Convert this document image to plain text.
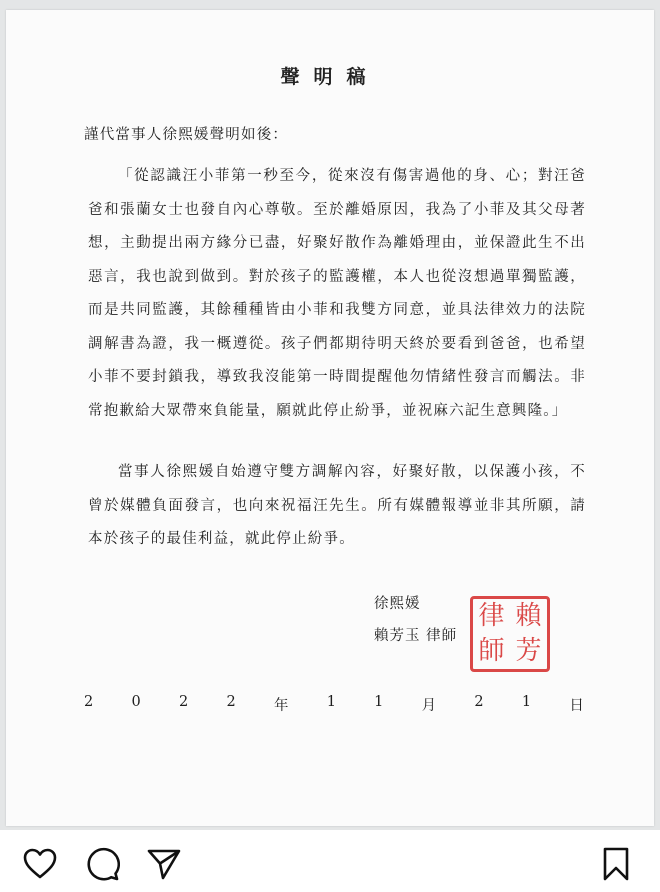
聲明稿
謹代當事人徐熙媛聲明如後：
「從認識汪小菲第一秒至今，從來沒有傷害過他的身、心；對汪爸爸和張蘭女士也發自內心尊敬。至於離婚原因，我為了小菲及其父母著想，主動提出兩方緣分已盡，好聚好散作為離婚理由，並保證此生不出惡言，我也說到做到。對於孩子的監護權，本人也從沒想過單獨監護，而是共同監護，其餘種種皆由小菲和我雙方同意，並具法律效力的法院調解書為證，我一概遵從。孩子們都期待明天終於要看到爸爸，也希望小菲不要封鎖我，導致我沒能第一時間提醒他勿情緒性發言而觸法。非常抱歉給大眾帶來負能量，願就此停止紛爭，並祝麻六記生意興隆。」
當事人徐熙媛自始遵守雙方調解內容，好聚好散，以保護小孩，不曾於媒體負面發言，也向來祝福汪先生。所有媒體報導並非其所願，請本於孩子的最佳利益，就此停止紛爭。
徐熙媛
賴芳玉 律師
律 賴
師 芳
2	0	2	2	年	1	1	月	2	1	日
